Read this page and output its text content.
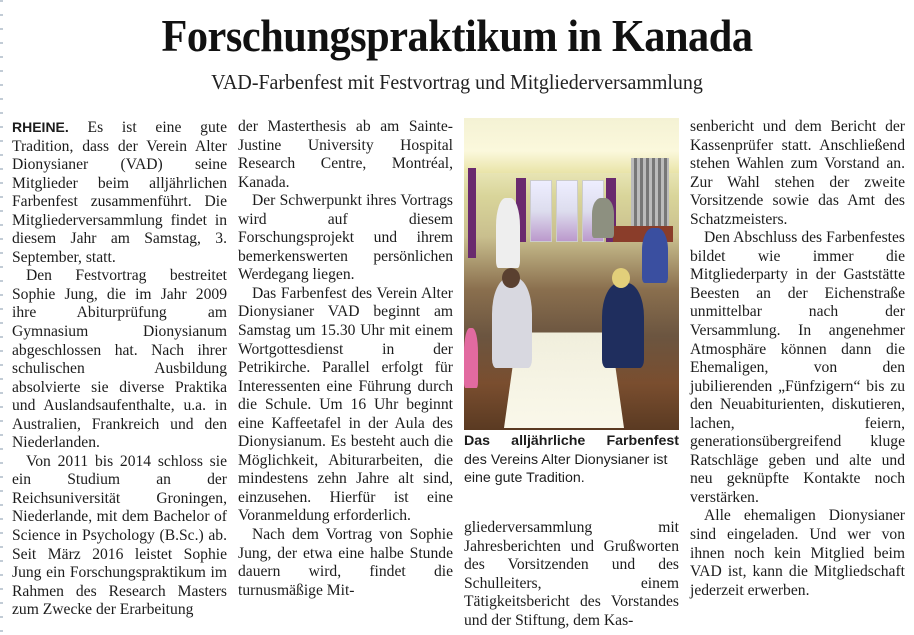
Forschungspraktikum in Kanada
VAD-Farbenfest mit Festvortrag und Mitgliederversammlung

RHEINE. Es ist eine gute Tradition, dass der Verein Alter Dionysianer (VAD) seine Mitglieder beim alljährlichen Farbenfest zusammenführt. Die Mitgliederversammlung findet in diesem Jahr am Samstag, 3. September, statt.

Den Festvortrag bestreitet Sophie Jung, die im Jahr 2009 ihre Abiturprüfung am Gymnasium Dionysianum abgeschlossen hat. Nach ihrer schulischen Ausbildung absolvierte sie diverse Praktika und Auslandsaufenthalte, u.a. in Australien, Frankreich und den Niederlanden.

Von 2011 bis 2014 schloss sie ein Studium an der Reichsuniversität Groningen, Niederlande, mit dem Bachelor of Science in Psychology (B.Sc.) ab. Seit März 2016 leistet Sophie Jung ein Forschungspraktikum im Rahmen des Research Masters zum Zwecke der Erarbeitung

der Masterthesis ab am Sainte-Justine University Hospital Research Centre, Montréal, Kanada.

Der Schwerpunkt ihres Vortrags wird auf diesem Forschungsprojekt und ihrem bemerkenswerten persönlichen Werdegang liegen.

Das Farbenfest des Verein Alter Dionysianer VAD beginnt am Samstag um 15.30 Uhr mit einem Wortgottesdienst in der Petrikirche. Parallel erfolgt für Interessenten eine Führung durch die Schule. Um 16 Uhr beginnt eine Kaffeetafel in der Aula des Dionysianum. Es besteht auch die Möglichkeit, Abiturarbeiten, die mindestens zehn Jahre alt sind, einzusehen. Hierfür ist eine Voranmeldung erforderlich.

Nach dem Vortrag von Sophie Jung, der etwa eine halbe Stunde dauern wird, findet die turnusmäßige Mit-

Das alljährliche Farbenfest
des Vereins Alter Dionysianer ist eine gute Tradition.

gliederversammlung mit Jahresberichten und Grußworten des Vorsitzenden und des Schulleiters, einem Tätigkeitsbericht des Vorstandes und der Stiftung, dem Kas-

senbericht und dem Bericht der Kassenprüfer statt. Anschließend stehen Wahlen zum Vorstand an. Zur Wahl stehen der zweite Vorsitzende sowie das Amt des Schatzmeisters.

Den Abschluss des Farbenfestes bildet wie immer die Mitgliederparty in der Gaststätte Beesten an der Eichenstraße unmittelbar nach der Versammlung. In angenehmer Atmosphäre können dann die Ehemaligen, von den jubilierenden „Fünfzigern“ bis zu den Neuabiturienten, diskutieren, lachen, feiern, generationsübergreifend kluge Ratschläge geben und alte und neu geknüpfte Kontakte noch verstärken.

Alle ehemaligen Dionysianer sind eingeladen. Und wer von ihnen noch kein Mitglied beim VAD ist, kann die Mitgliedschaft jederzeit erwerben.
